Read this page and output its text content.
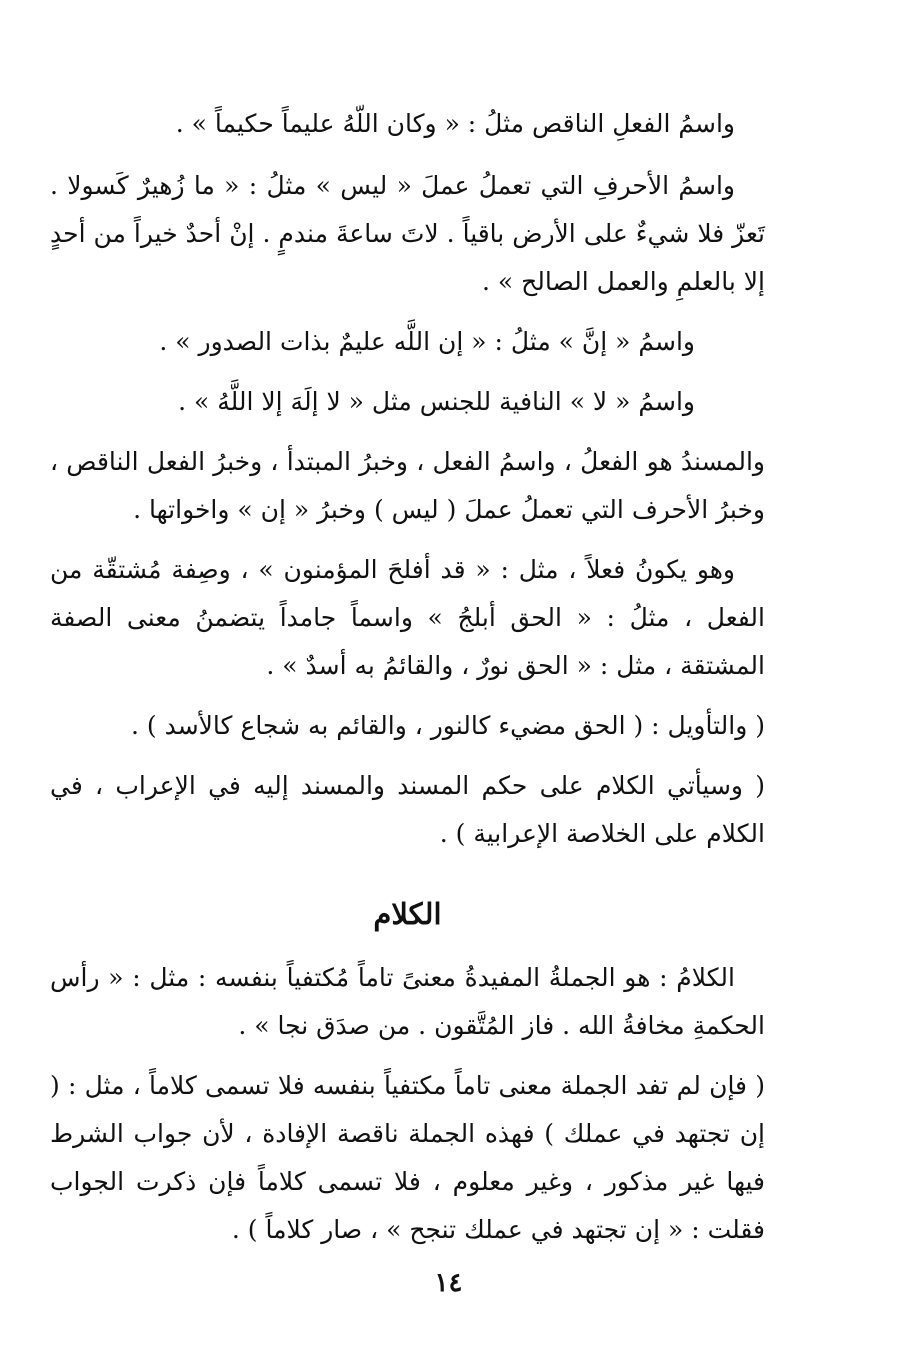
واسمُ الفعلِ الناقص مثلُ : « وكان اللّهُ عليماً حكيماً » .

واسمُ الأحرفِ التي تعملُ عملَ « ليس » مثلُ : « ما زُهيرٌ كَسولا . تَعزّ فلا شيءٌ على الأرض باقياً . لاتَ ساعةَ مندمٍ . إنْ أحدٌ خيراً من أحدٍ إلا بالعلمِ والعمل الصالح » .

واسمُ « إنَّ » مثلُ : « إن اللَّه عليمٌ بذات الصدور » .

واسمُ « لا » النافية للجنس مثل « لا إلَهَ إلا اللَّهُ » .

والمسندُ هو الفعلُ ، واسمُ الفعل ، وخبرُ المبتدأ ، وخبرُ الفعل الناقص ، وخبرُ الأحرف التي تعملُ عملَ ( ليس ) وخبرُ « إن » واخواتها .

وهو يكونُ فعلاً ، مثل : « قد أفلحَ المؤمنون » ، وصِفة مُشتقّة من الفعل ، مثلُ : « الحق أبلجُ » واسماً جامداً يتضمنُ معنى الصفة المشتقة ، مثل : « الحق نورٌ ، والقائمُ به أسدٌ » .

( والتأويل : ( الحق مضيء كالنور ، والقائم به شجاع كالأسد ) .

( وسيأتي الكلام على حكم المسند والمسند إليه في الإعراب ، في الكلام على الخلاصة الإعرابية ) .

الكلام

الكلامُ : هو الجملةُ المفيدةُ معنىً تاماً مُكتفياً بنفسه : مثل : « رأس الحكمةِ مخافةُ الله . فاز المُتَّقون . من صدَق نجا » .

( فإن لم تفد الجملة معنى تاماً مكتفياً بنفسه فلا تسمى كلاماً ، مثل : ( إن تجتهد في عملك ) فهذه الجملة ناقصة الإفادة ، لأن جواب الشرط فيها غير مذكور ، وغير معلوم ، فلا تسمى كلاماً فإن ذكرت الجواب فقلت : « إن تجتهد في عملك تنجح » ، صار كلاماً ) .

١٤
